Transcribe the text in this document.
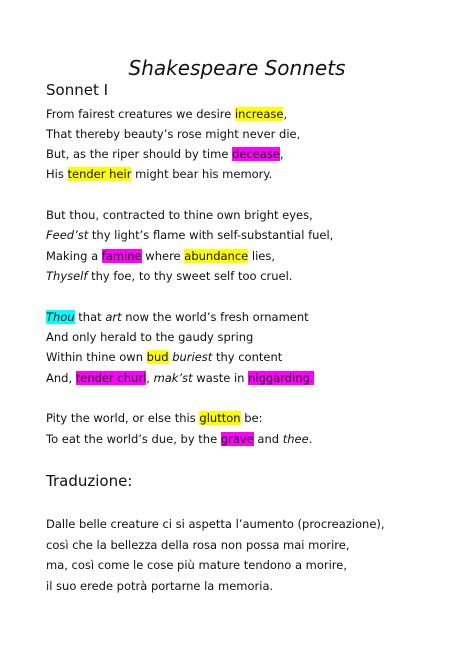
Shakespeare Sonnets
Sonnet I
From fairest creatures we desire increase,
That thereby beauty’s rose might never die,
But, as the riper should by time decease,
His tender heir might bear his memory.
But thou, contracted to thine own bright eyes,
Feed’st thy light’s flame with self-substantial fuel,
Making a famine where abundance lies,
Thyself thy foe, to thy sweet self too cruel.
Thou that art now the world’s fresh ornament
And only herald to the gaudy spring
Within thine own bud buriest thy content
And, tender churl, mak’st waste in niggarding.
Pity the world, or else this glutton be:
To eat the world’s due, by the grave and thee.
Traduzione:
Dalle belle creature ci si aspetta l’aumento (procreazione),
così che la bellezza della rosa non possa mai morire,
ma, così come le cose più mature tendono a morire,
il suo erede potrà portarne la memoria.
